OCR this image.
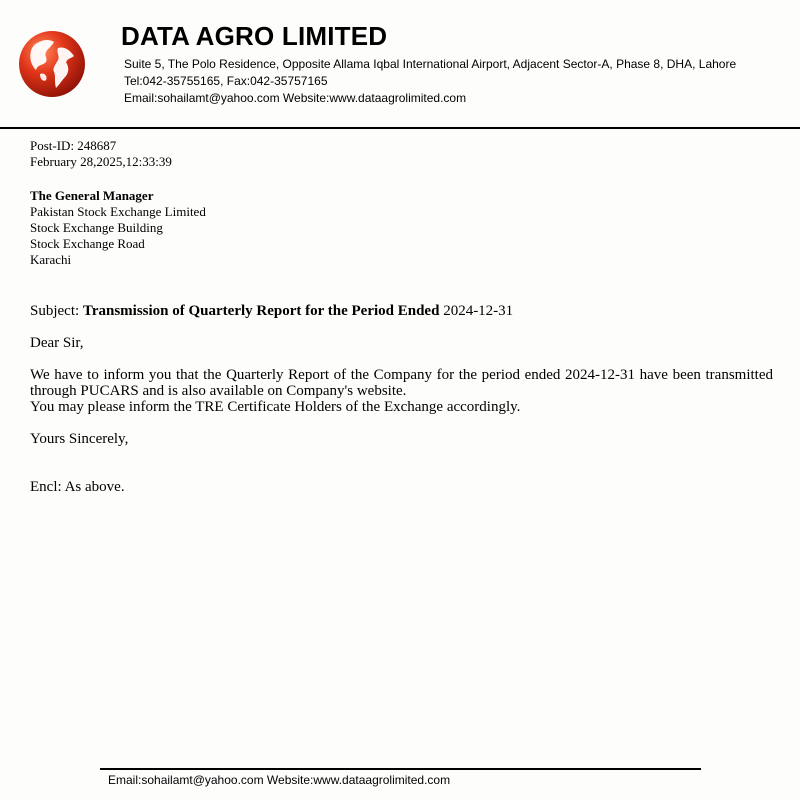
DATA AGRO LIMITED
Suite 5, The Polo Residence, Opposite Allama Iqbal International Airport, Adjacent Sector-A, Phase 8, DHA, Lahore
Tel:042-35755165, Fax:042-35757165
Email:sohailamt@yahoo.com Website:www.dataagrolimited.com
Post-ID: 248687
February 28,2025,12:33:39
The General Manager
Pakistan Stock Exchange Limited
Stock Exchange Building
Stock Exchange Road
Karachi
Subject: Transmission of Quarterly Report for the Period Ended 2024-12-31
Dear Sir,
We have to inform you that the Quarterly Report of the Company for the period ended 2024-12-31 have been transmitted through PUCARS and is also available on Company's website.
You may please inform the TRE Certificate Holders of the Exchange accordingly.
Yours Sincerely,
Encl: As above.
Email:sohailamt@yahoo.com Website:www.dataagrolimited.com
